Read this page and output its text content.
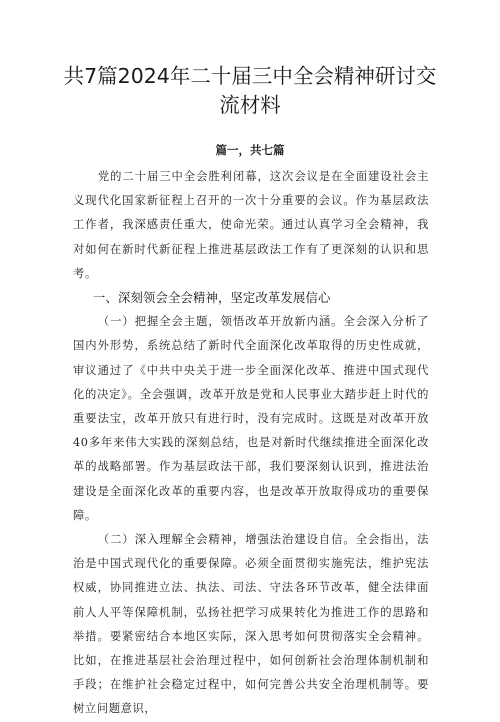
共7篇2024年二十届三中全会精神研讨交流材料
篇一，共七篇

党的二十届三中全会胜利闭幕，这次会议是在全面建设社会主义现代化国家新征程上召开的一次十分重要的会议。作为基层政法工作者，我深感责任重大，使命光荣。通过认真学习全会精神，我对如何在新时代新征程上推进基层政法工作有了更深刻的认识和思考。

一、深刻领会全会精神，坚定改革发展信心

（一）把握全会主题，领悟改革开放新内涵。全会深入分析了国内外形势，系统总结了新时代全面深化改革取得的历史性成就，审议通过了《中共中央关于进一步全面深化改革、推进中国式现代化的决定》。全会强调，改革开放是党和人民事业大踏步赶上时代的重要法宝，改革开放只有进行时，没有完成时。这既是对改革开放40多年来伟大实践的深刻总结，也是对新时代继续推进全面深化改革的战略部署。作为基层政法干部，我们要深刻认识到，推进法治建设是全面深化改革的重要内容，也是改革开放取得成功的重要保障。

（二）深入理解全会精神，增强法治建设自信。全会指出，法治是中国式现代化的重要保障。必须全面贯彻实施宪法，维护宪法权威，协同推进立法、执法、司法、守法各环节改革，健全法律面前人人平等保障机制，弘扬社把学习成果转化为推进工作的思路和举措。要紧密结合本地区实际，深入思考如何贯彻落实全会精神。比如，在推进基层社会治理过程中，如何创新社会治理体制机制和手段；在维护社会稳定过程中，如何完善公共安全治理机制等。要树立问题意识，
